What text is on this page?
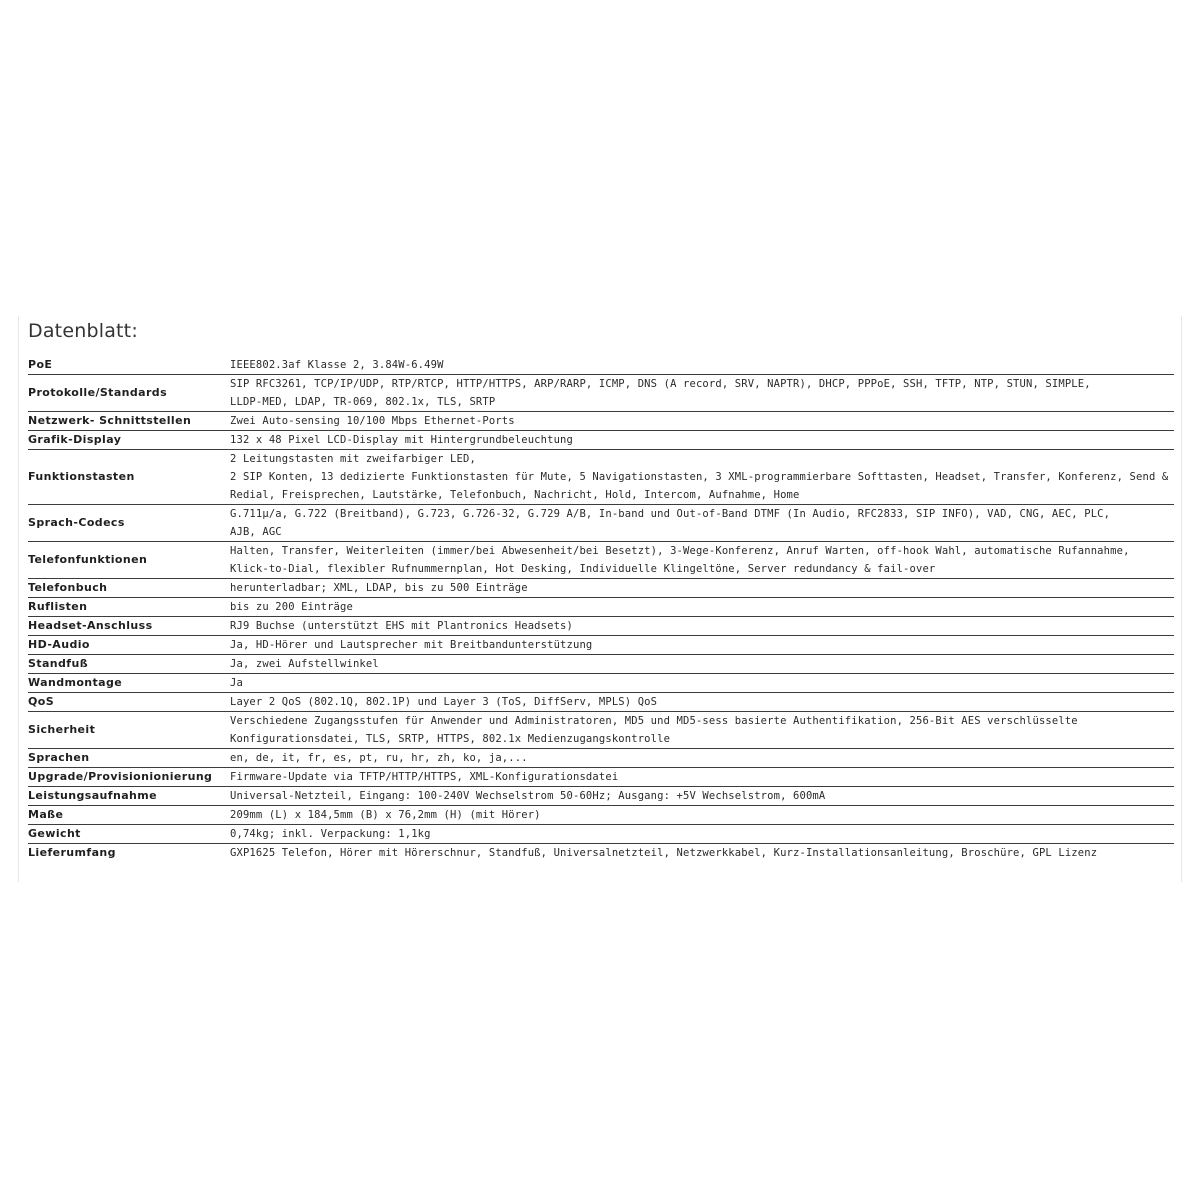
Datenblatt:
PoE	IEEE802.3af Klasse 2, 3.84W-6.49W

Protokolle/Standards	SIP RFC3261, TCP/IP/UDP, RTP/RTCP, HTTP/HTTPS, ARP/RARP, ICMP, DNS (A record, SRV, NAPTR), DHCP, PPPoE, SSH, TFTP, NTP, STUN, SIMPLE,
LLDP-MED, LDAP, TR-069, 802.1x, TLS, SRTP

Netzwerk- Schnittstellen	Zwei Auto-sensing 10/100 Mbps Ethernet-Ports

Grafik-Display	132 x 48 Pixel LCD-Display mit Hintergrundbeleuchtung

Funktionstasten	2 Leitungstasten mit zweifarbiger LED,
2 SIP Konten, 13 dedizierte Funktionstasten für Mute, 5 Navigationstasten, 3 XML-programmierbare Softtasten, Headset, Transfer, Konferenz, Send &
Redial, Freisprechen, Lautstärke, Telefonbuch, Nachricht, Hold, Intercom, Aufnahme, Home

Sprach-Codecs	G.711µ/a, G.722 (Breitband), G.723, G.726-32, G.729 A/B, In-band und Out-of-Band DTMF (In Audio, RFC2833, SIP INFO), VAD, CNG, AEC, PLC,
AJB, AGC

Telefonfunktionen	Halten, Transfer, Weiterleiten (immer/bei Abwesenheit/bei Besetzt), 3-Wege-Konferenz, Anruf Warten, off-hook Wahl, automatische Rufannahme,
Klick-to-Dial, flexibler Rufnummernplan, Hot Desking, Individuelle Klingeltöne, Server redundancy & fail-over

Telefonbuch	herunterladbar; XML, LDAP, bis zu 500 Einträge

Ruflisten	bis zu 200 Einträge

Headset-Anschluss	RJ9 Buchse (unterstützt EHS mit Plantronics Headsets)

HD-Audio	Ja, HD-Hörer und Lautsprecher mit Breitbandunterstützung

Standfuß	Ja, zwei Aufstellwinkel

Wandmontage	Ja

QoS	Layer 2 QoS (802.1Q, 802.1P) und Layer 3 (ToS, DiffServ, MPLS) QoS

Sicherheit	Verschiedene Zugangsstufen für Anwender und Administratoren, MD5 und MD5-sess basierte Authentifikation, 256-Bit AES verschlüsselte
Konfigurationsdatei, TLS, SRTP, HTTPS, 802.1x Medienzugangskontrolle

Sprachen	en, de, it, fr, es, pt, ru, hr, zh, ko, ja,...

Upgrade/Provisionionierung	Firmware-Update via TFTP/HTTP/HTTPS, XML-Konfigurationsdatei

Leistungsaufnahme	Universal-Netzteil, Eingang: 100-240V Wechselstrom 50-60Hz; Ausgang: +5V Wechselstrom, 600mA

Maße	209mm (L) x 184,5mm (B) x 76,2mm (H) (mit Hörer)

Gewicht	0,74kg; inkl. Verpackung: 1,1kg

Lieferumfang	GXP1625 Telefon, Hörer mit Hörerschnur, Standfuß, Universalnetzteil, Netzwerkkabel, Kurz-Installationsanleitung, Broschüre, GPL Lizenz
